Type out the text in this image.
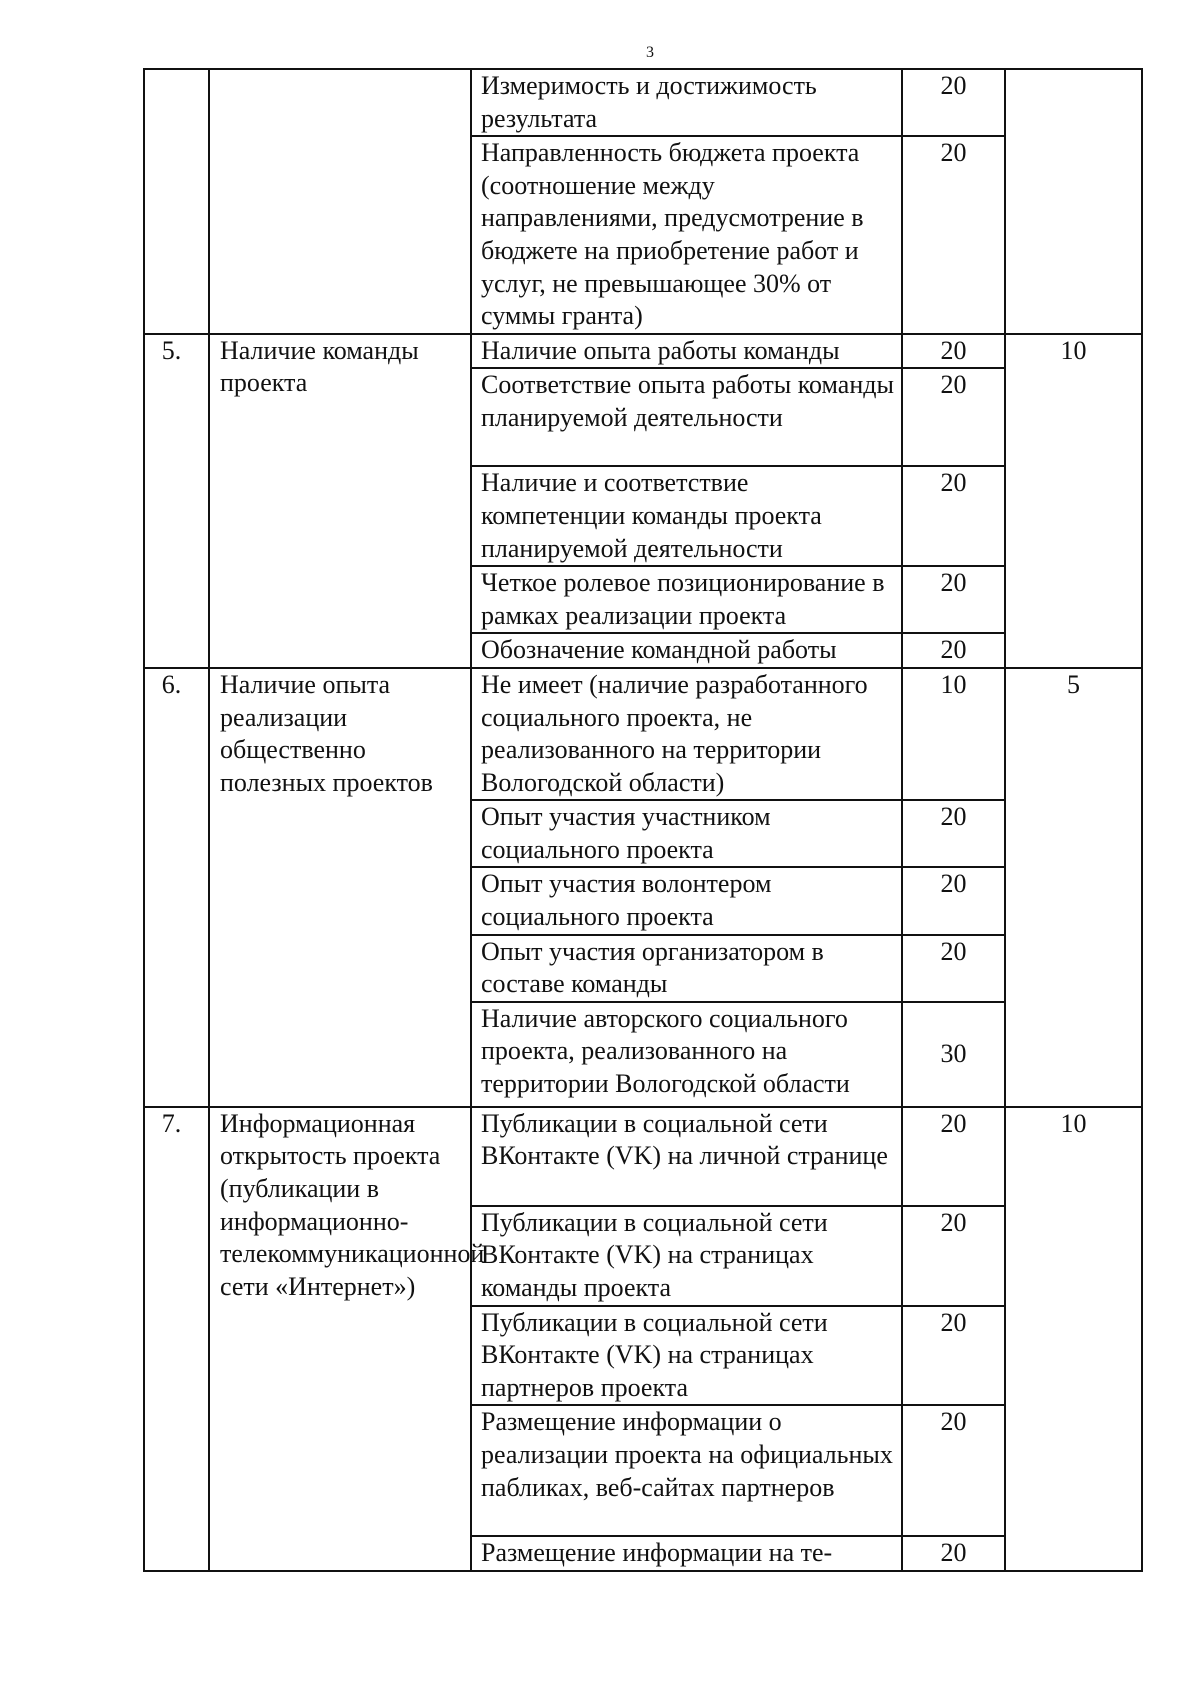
3
		Измеримость и достижимость результата	20	
		Направленность бюджета проекта (соотношение между направлениями, предусмотрение в бюджете на приобретение работ и услуг, не превышающее 30% от суммы гранта)	20	
5.	Наличие команды проекта	Наличие опыта работы команды	20	10
		Соответствие опыта работы команды планируемой деятельности	20	
		Наличие и соответствие компетенции команды проекта планируемой деятельности	20	
		Четкое ролевое позиционирование в рамках реализации проекта	20	
		Обозначение командной работы	20	
6.	Наличие опыта реализации общественно полезных проектов	Не имеет (наличие разработанного социального проекта, не реализованного на территории Вологодской области)	10	5
		Опыт участия участником социального проекта	20	
		Опыт участия волонтером социального проекта	20	
		Опыт участия организатором в составе команды	20	
		Наличие авторского социального проекта, реализованного на территории Вологодской области	30	
7.	Информационная открытость проекта (публикации в информационно-телекоммуникационной сети «Интернет»)	Публикации в социальной сети ВКонтакте (VK) на личной странице	20	10
		Публикации в социальной сети ВКонтакте (VK) на страницах команды проекта	20	
		Публикации в социальной сети ВКонтакте (VK) на страницах партнеров проекта	20	
		Размещение информации о реализации проекта на официальных пабликах, веб-сайтах партнеров	20	
		Размещение информации на те-	20	
